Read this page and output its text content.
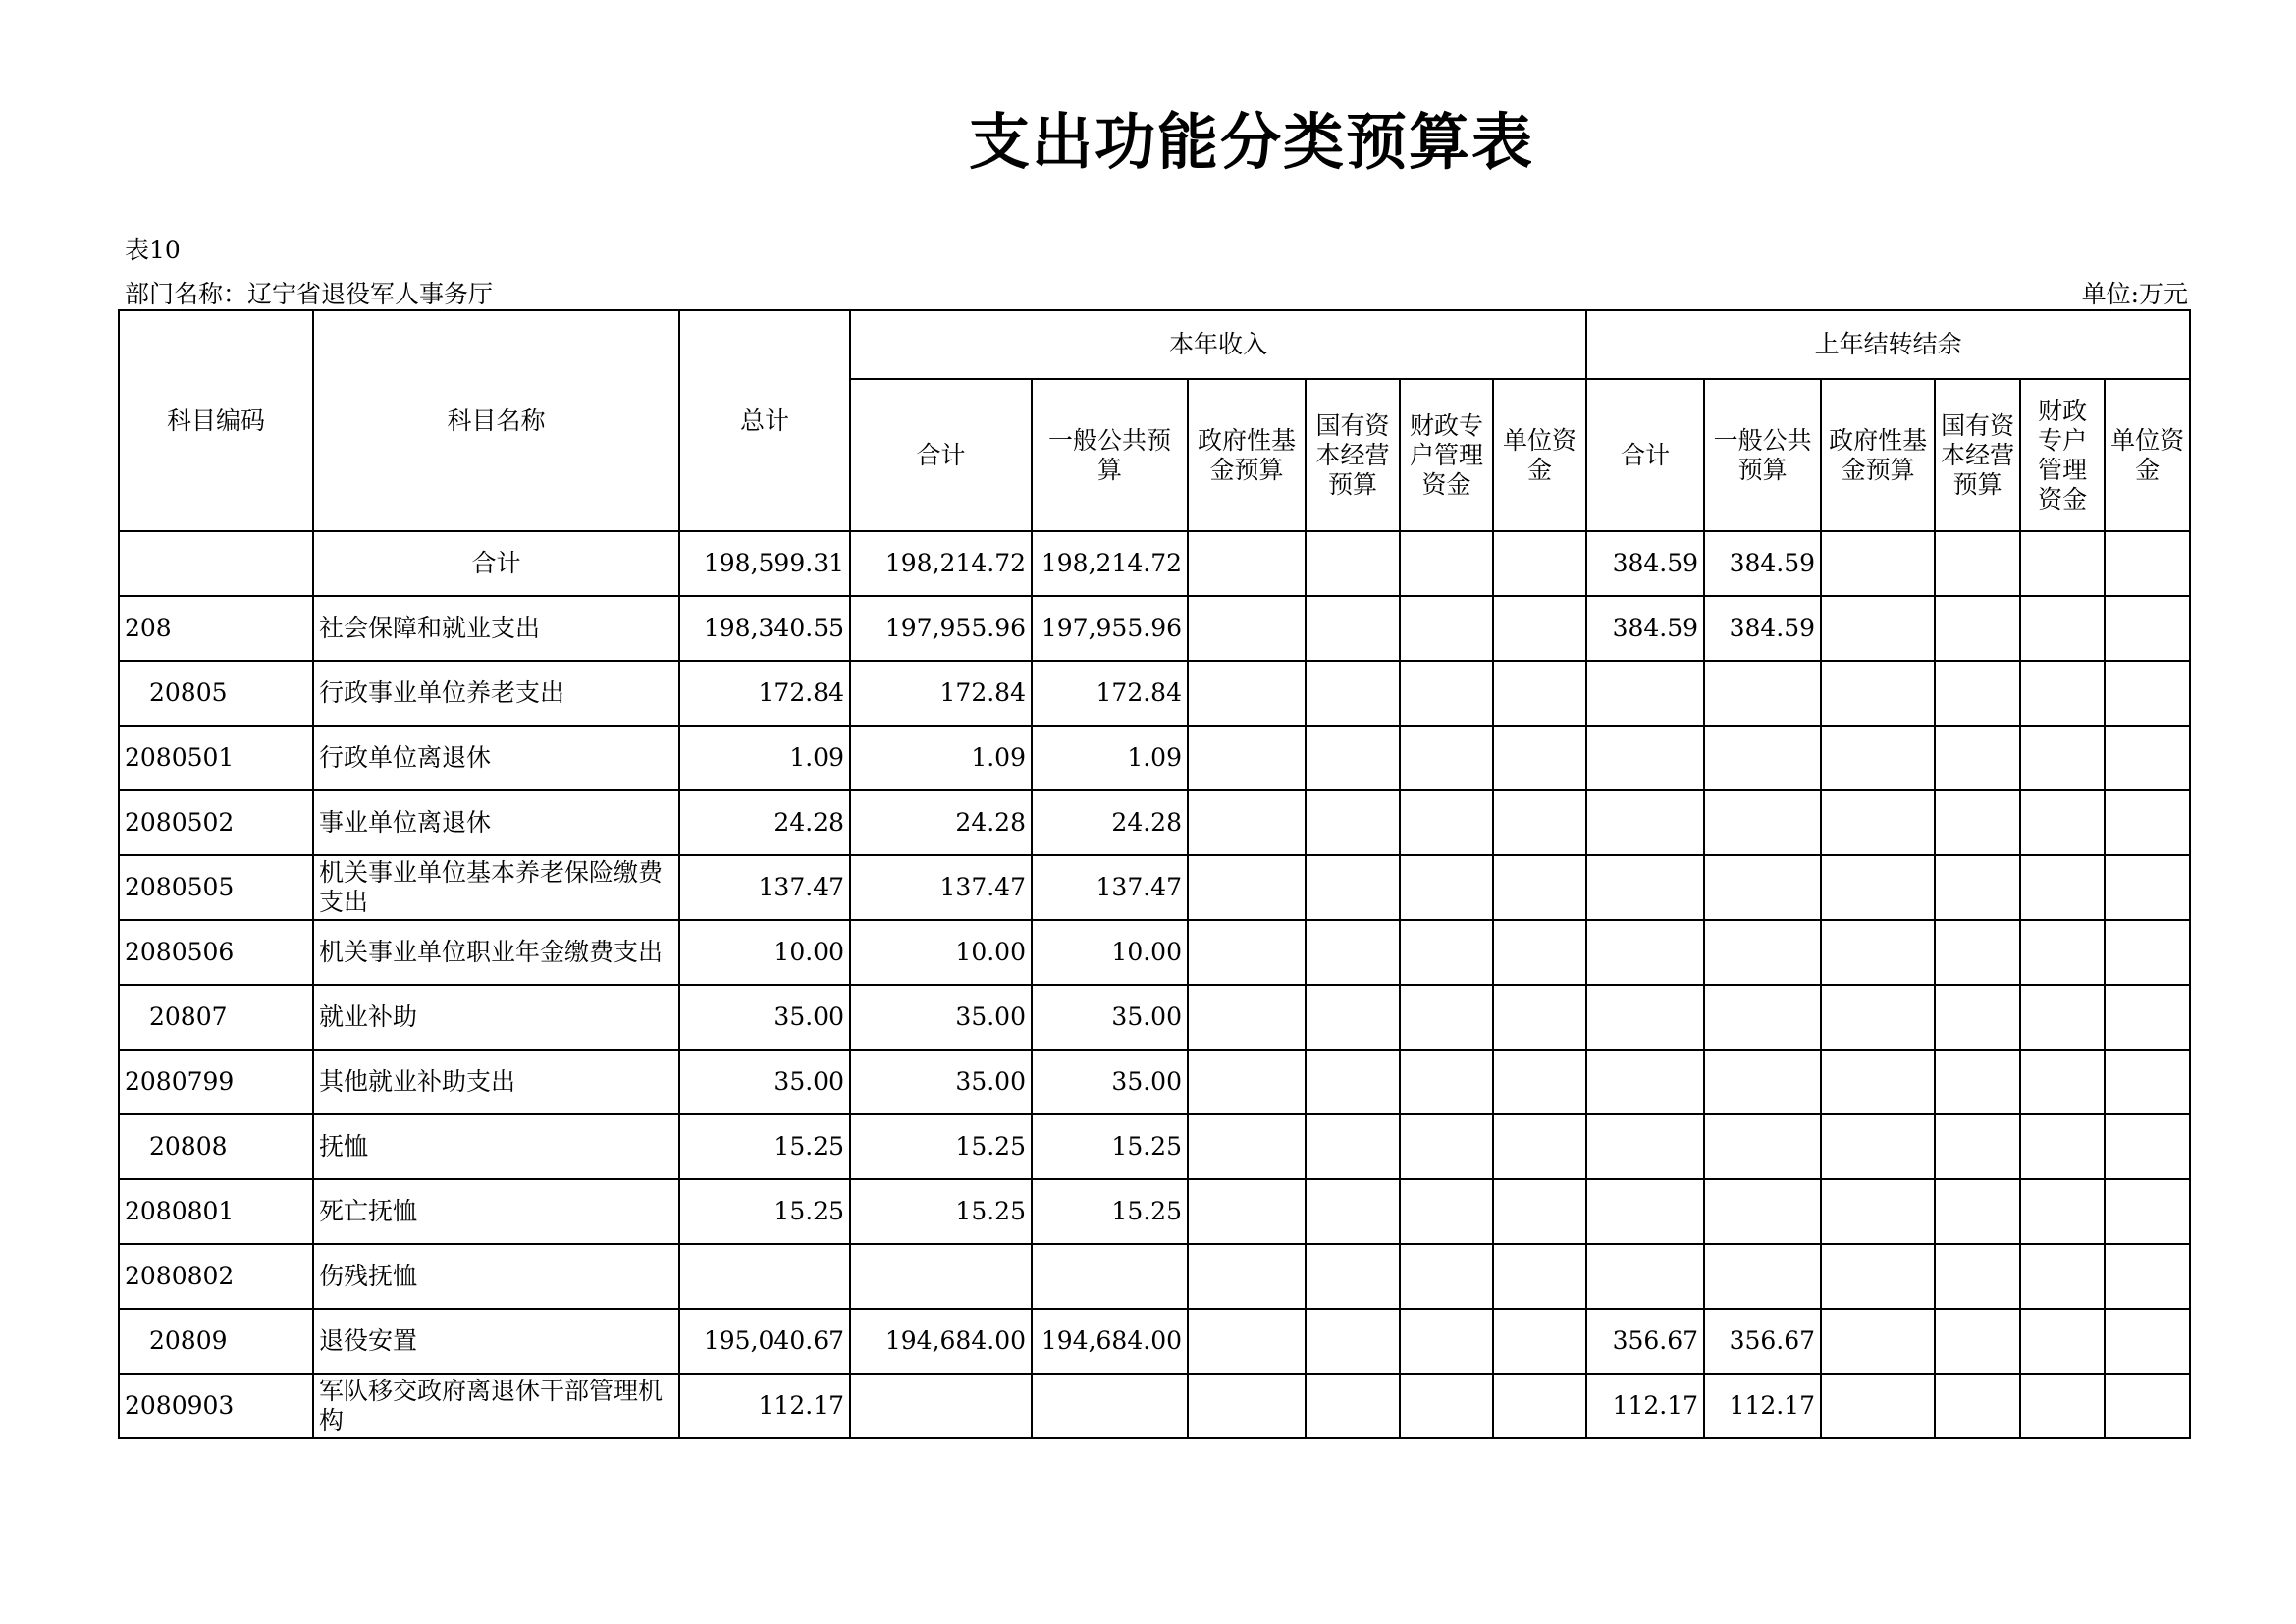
支出功能分类预算表
表10
部门名称：辽宁省退役军人事务厅	单位:万元
科目编码	科目名称	总计	本年收入						上年结转结余					
			合计	一般公共预算	政府性基金预算	国有资本经营预算	财政专户管理资金	单位资金	合计	一般公共预算	政府性基金预算	国有资本经营预算	财政专户管理资金	单位资金
	合计	198,599.31	198,214.72	198,214.72					384.59	384.59				
208	社会保障和就业支出	198,340.55	197,955.96	197,955.96					384.59	384.59				
20805	行政事业单位养老支出	172.84	172.84	172.84										
2080501	行政单位离退休	1.09	1.09	1.09										
2080502	事业单位离退休	24.28	24.28	24.28										
2080505	机关事业单位基本养老保险缴费支出	137.47	137.47	137.47										
2080506	机关事业单位职业年金缴费支出	10.00	10.00	10.00										
20807	就业补助	35.00	35.00	35.00										
2080799	其他就业补助支出	35.00	35.00	35.00										
20808	抚恤	15.25	15.25	15.25										
2080801	死亡抚恤	15.25	15.25	15.25										
2080802	伤残抚恤													
20809	退役安置	195,040.67	194,684.00	194,684.00					356.67	356.67				
2080903	军队移交政府离退休干部管理机构	112.17							112.17	112.17				
